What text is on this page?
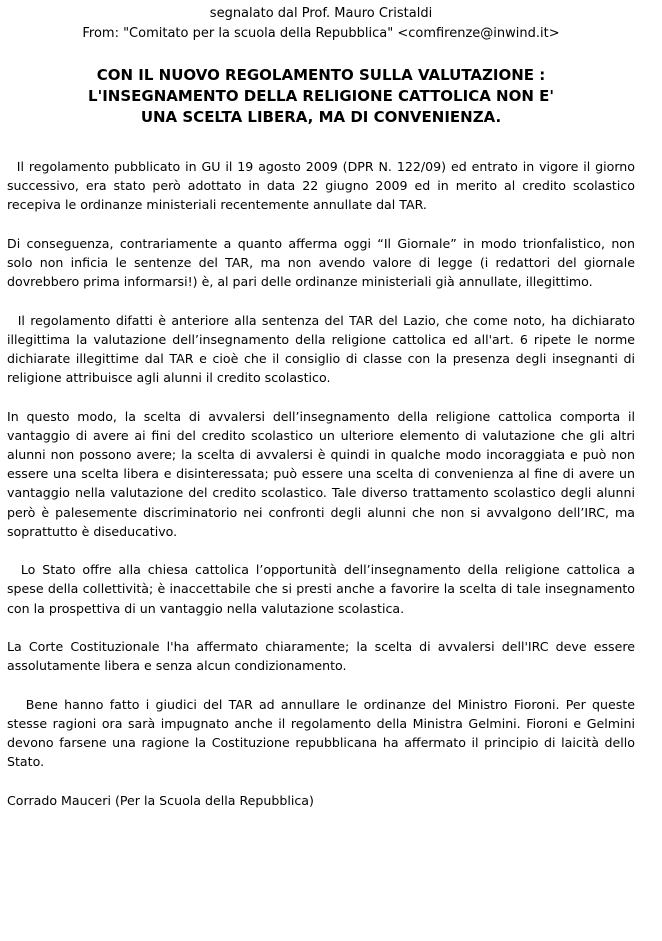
segnalato dal Prof. Mauro Cristaldi
From: "Comitato per la scuola della Repubblica" <comfirenze@inwind.it>
CON IL NUOVO REGOLAMENTO SULLA VALUTAZIONE :
L'INSEGNAMENTO DELLA RELIGIONE CATTOLICA NON E'
UNA SCELTA LIBERA, MA DI CONVENIENZA.

Il regolamento pubblicato in GU il 19 agosto 2009 (DPR N. 122/09) ed entrato in vigore il giorno successivo, era stato però adottato in data 22 giugno 2009 ed in merito al credito scolastico recepiva le ordinanze ministeriali recentemente annullate dal TAR.

Di conseguenza, contrariamente a quanto afferma oggi “Il Giornale” in modo trionfalistico, non solo non inficia le sentenze del TAR, ma non avendo valore di legge (i redattori del giornale dovrebbero prima informarsi!) è, al pari delle ordinanze ministeriali già annullate, illegittimo.

Il regolamento difatti è anteriore alla sentenza del TAR del Lazio, che come noto, ha dichiarato illegittima la valutazione dell’insegnamento della religione cattolica ed all'art. 6 ripete le norme dichiarate illegittime dal TAR e cioè che il consiglio di classe con la presenza degli insegnanti di religione attribuisce agli alunni il credito scolastico.

In questo modo, la scelta di avvalersi dell’insegnamento della religione cattolica comporta il vantaggio di avere ai fini del credito scolastico un ulteriore elemento di valutazione che gli altri alunni non possono avere; la scelta di avvalersi è quindi in qualche modo incoraggiata e può non essere una scelta libera e disinteressata; può essere una scelta di convenienza al fine di avere un vantaggio nella valutazione del credito scolastico. Tale diverso trattamento scolastico degli alunni però è palesemente discriminatorio nei confronti degli alunni che non si avvalgono dell’IRC, ma soprattutto è diseducativo.

Lo Stato offre alla chiesa cattolica l’opportunità dell’insegnamento della religione cattolica a spese della collettività; è inaccettabile che si presti anche a favorire la scelta di tale insegnamento con la prospettiva di un vantaggio nella valutazione scolastica.

La Corte Costituzionale l'ha affermato chiaramente; la scelta di avvalersi dell'IRC deve essere assolutamente libera e senza alcun condizionamento.

Bene hanno fatto i giudici del TAR ad annullare le ordinanze del Ministro Fioroni. Per queste stesse ragioni ora sarà impugnato anche il regolamento della Ministra Gelmini. Fioroni e Gelmini devono farsene una ragione la Costituzione repubblicana ha affermato il principio di laicità dello Stato.

Corrado Mauceri (Per la Scuola della Repubblica)
